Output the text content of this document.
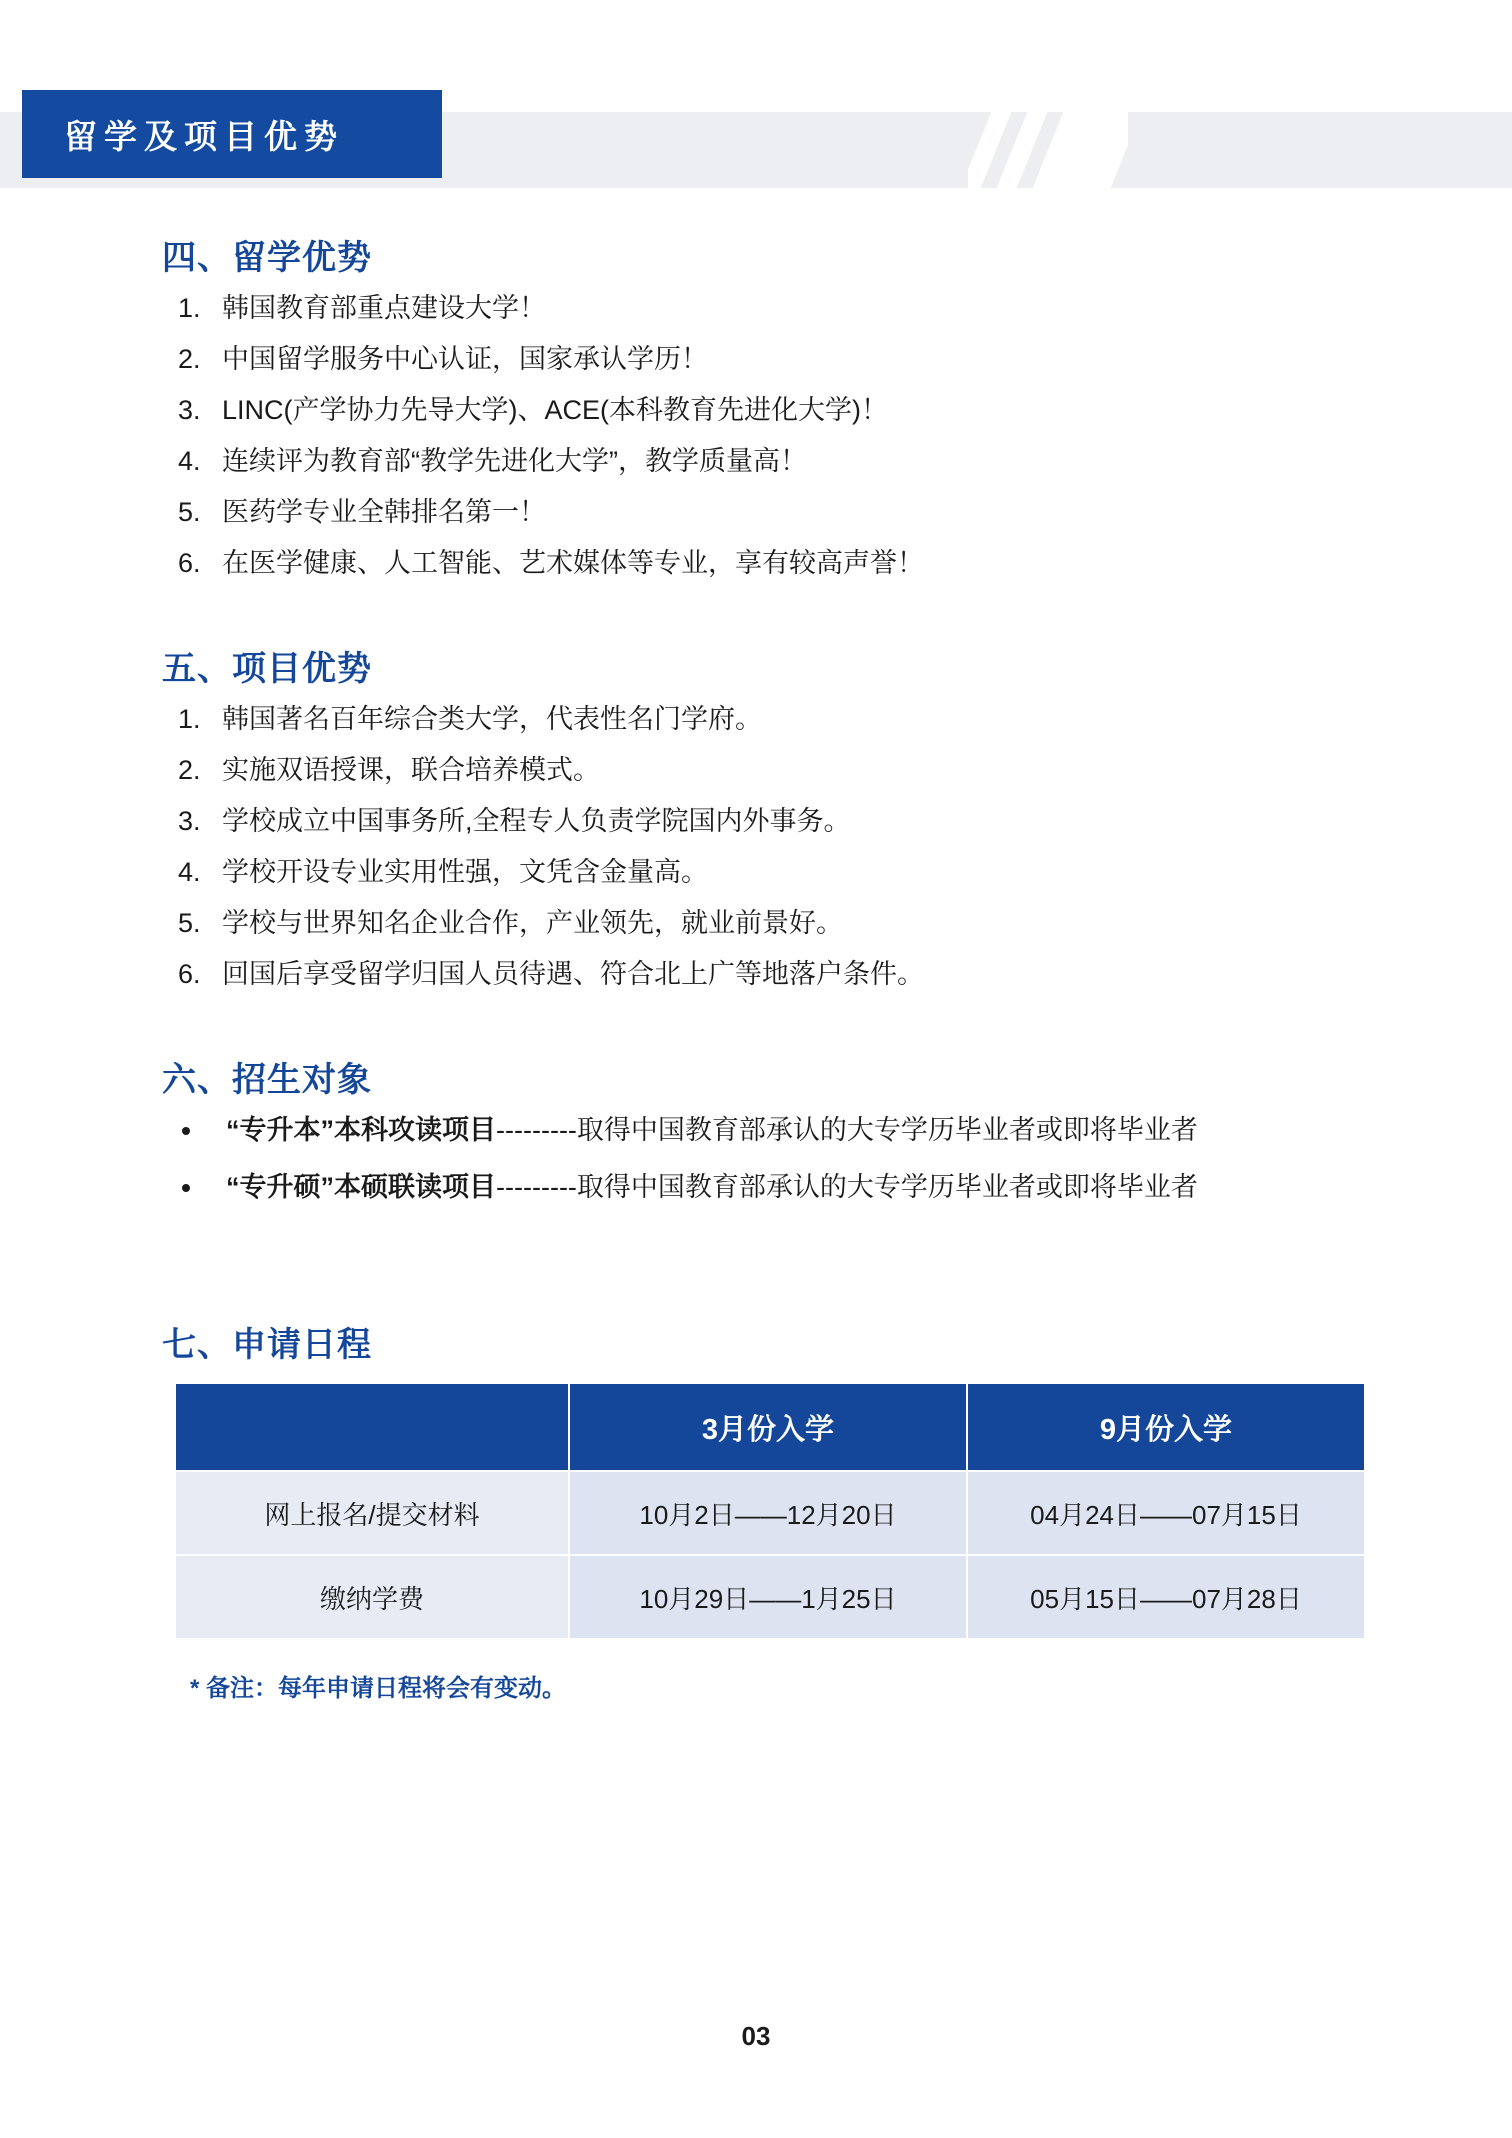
留学及项目优势
四、留学优势
1. 韩国教育部重点建设大学！
2. 中国留学服务中心认证，国家承认学历！
3. LINC(产学协力先导大学)、ACE(本科教育先进化大学)！
4. 连续评为教育部“教学先进化大学”，教学质量高！
5. 医药学专业全韩排名第一！
6. 在医学健康、人工智能、艺术媒体等专业，享有较高声誉！
五、项目优势
1. 韩国著名百年综合类大学，代表性名门学府。
2. 实施双语授课，联合培养模式。
3. 学校成立中国事务所,全程专人负责学院国内外事务。
4. 学校开设专业实用性强，文凭含金量高。
5. 学校与世界知名企业合作，产业领先，就业前景好。
6. 回国后享受留学归国人员待遇、符合北上广等地落户条件。
六、招生对象
“专升本”本科攻读项目---------取得中国教育部承认的大专学历毕业者或即将毕业者
“专升硕”本硕联读项目---------取得中国教育部承认的大专学历毕业者或即将毕业者
七、申请日程
	3月份入学	9月份入学
网上报名/提交材料	10月2日——12月20日	04月24日——07月15日
缴纳学费	10月29日——1月25日	05月15日——07月28日
* 备注：每年申请日程将会有变动。
03
